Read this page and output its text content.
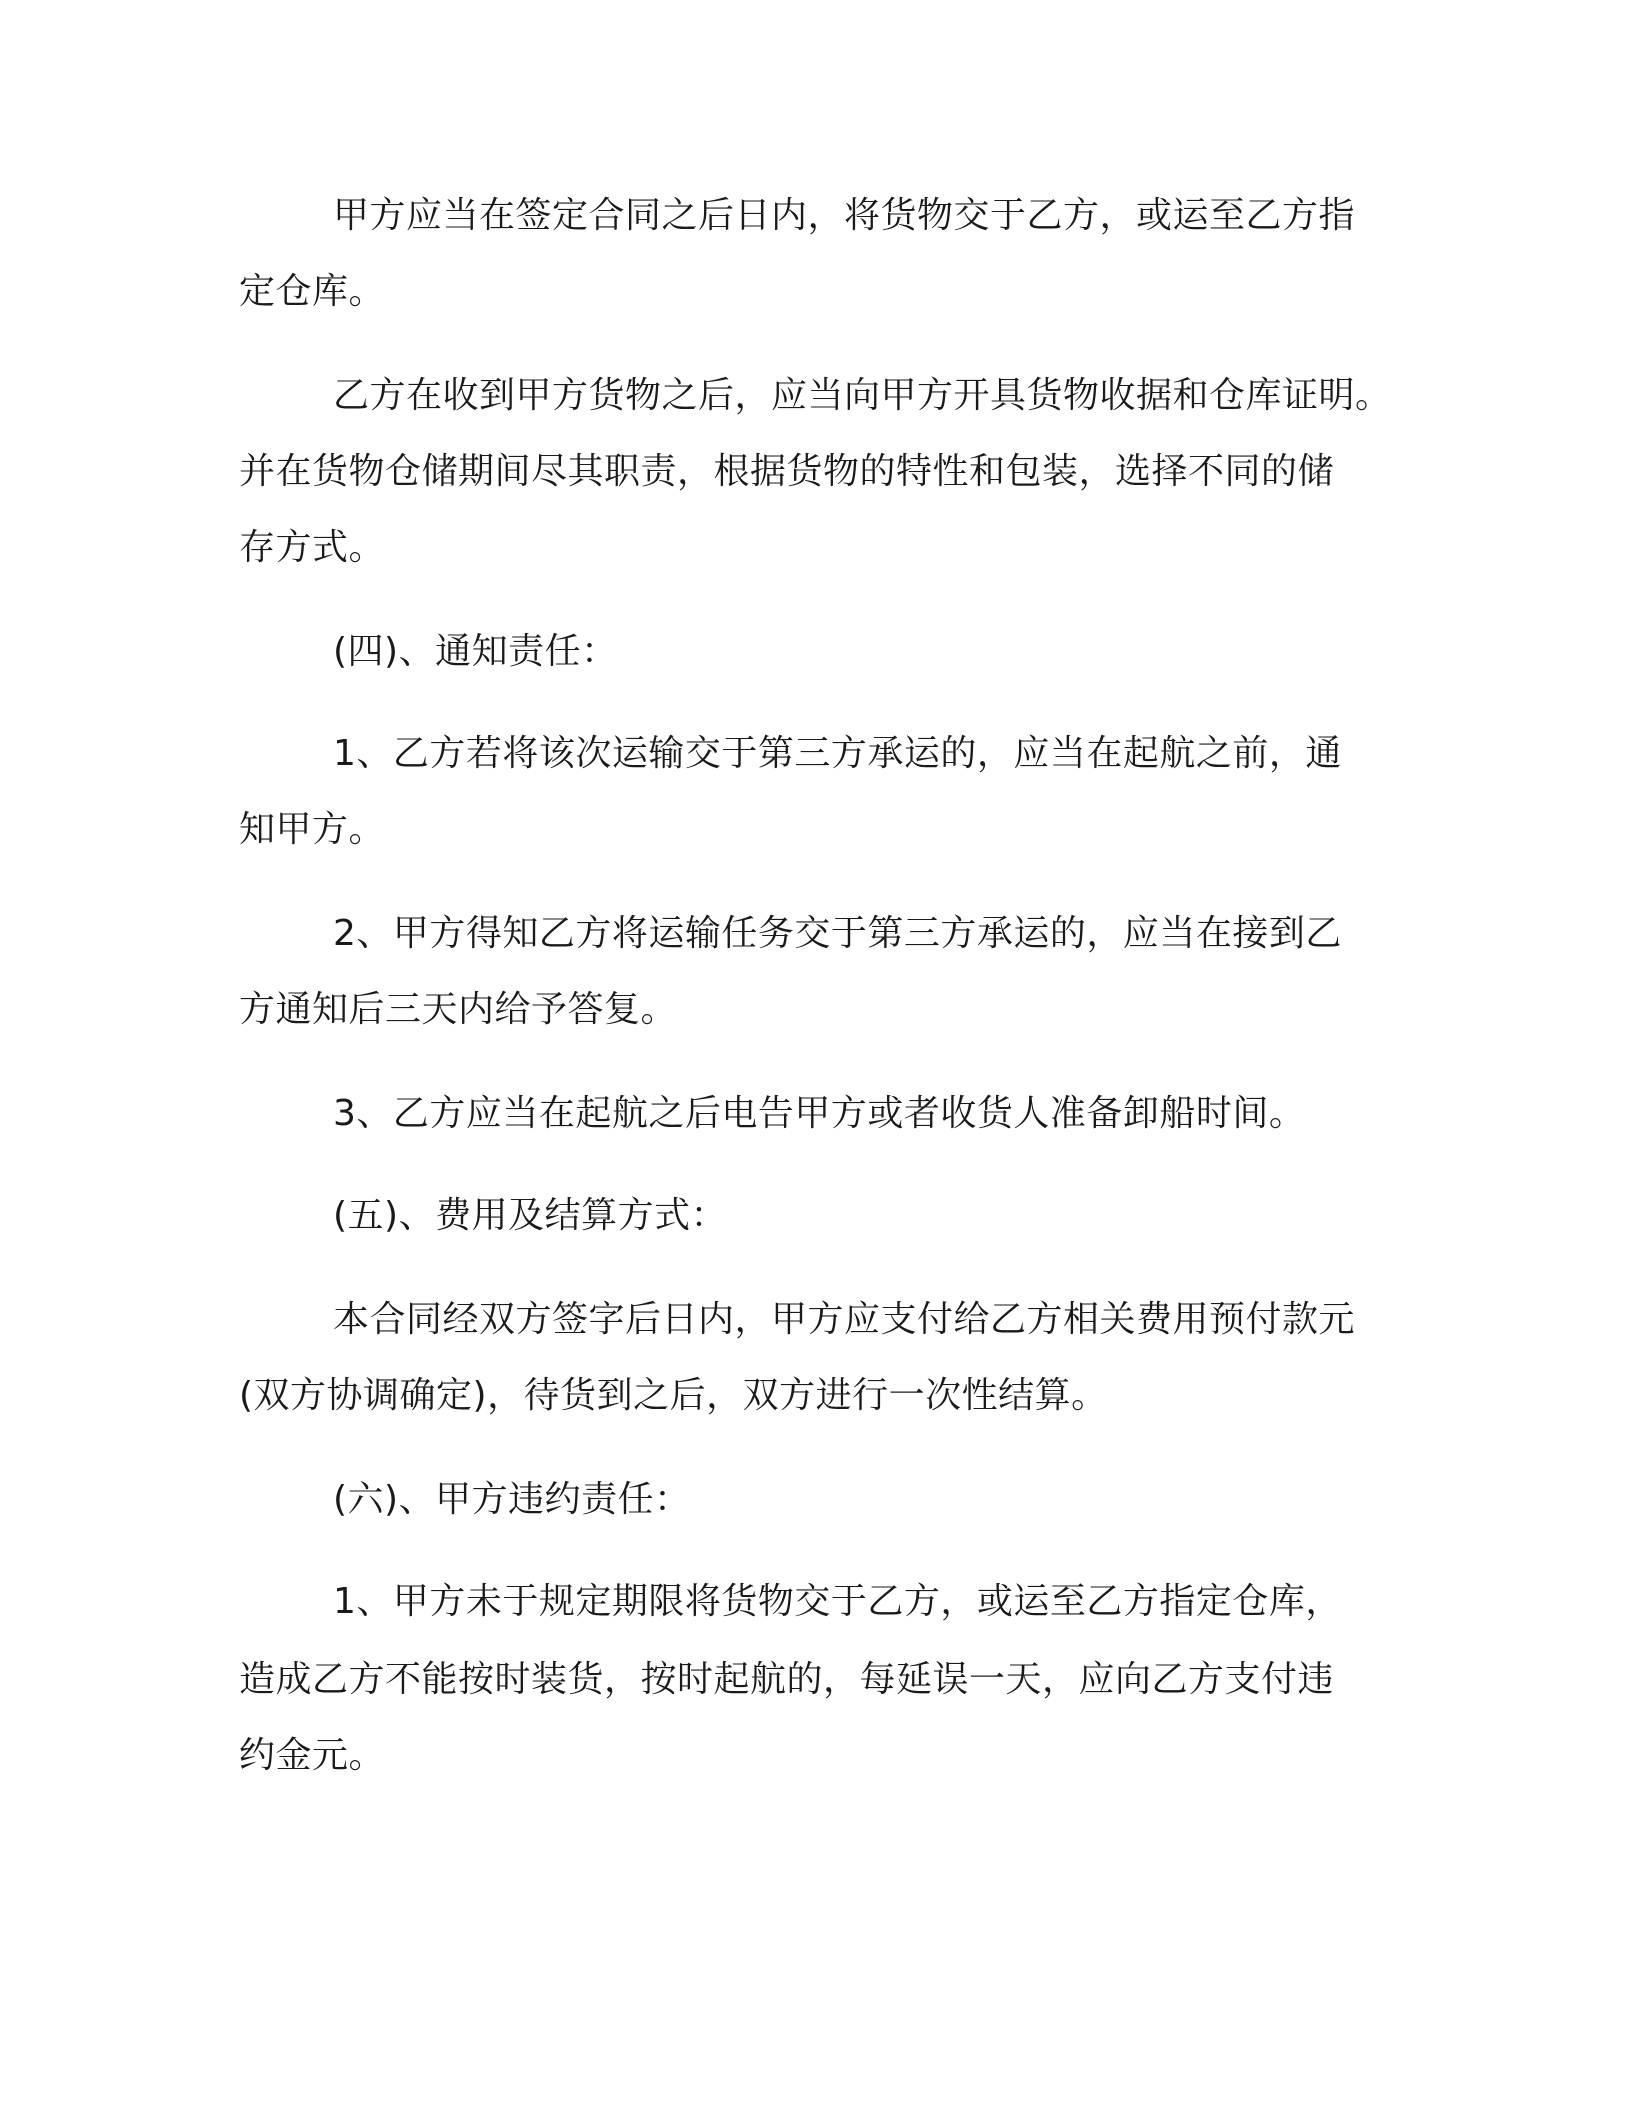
甲方应当在签定合同之后日内，将货物交于乙方，或运至乙方指

定仓库。

乙方在收到甲方货物之后，应当向甲方开具货物收据和仓库证明。

并在货物仓储期间尽其职责，根据货物的特性和包装，选择不同的储

存方式。

(四)、通知责任：

1、乙方若将该次运输交于第三方承运的，应当在起航之前，通

知甲方。

2、甲方得知乙方将运输任务交于第三方承运的，应当在接到乙

方通知后三天内给予答复。

3、乙方应当在起航之后电告甲方或者收货人准备卸船时间。

(五)、费用及结算方式：

本合同经双方签字后日内，甲方应支付给乙方相关费用预付款元

(双方协调确定)，待货到之后，双方进行一次性结算。

(六)、甲方违约责任：

1、甲方未于规定期限将货物交于乙方，或运至乙方指定仓库，

造成乙方不能按时装货，按时起航的，每延误一天，应向乙方支付违

约金元。
